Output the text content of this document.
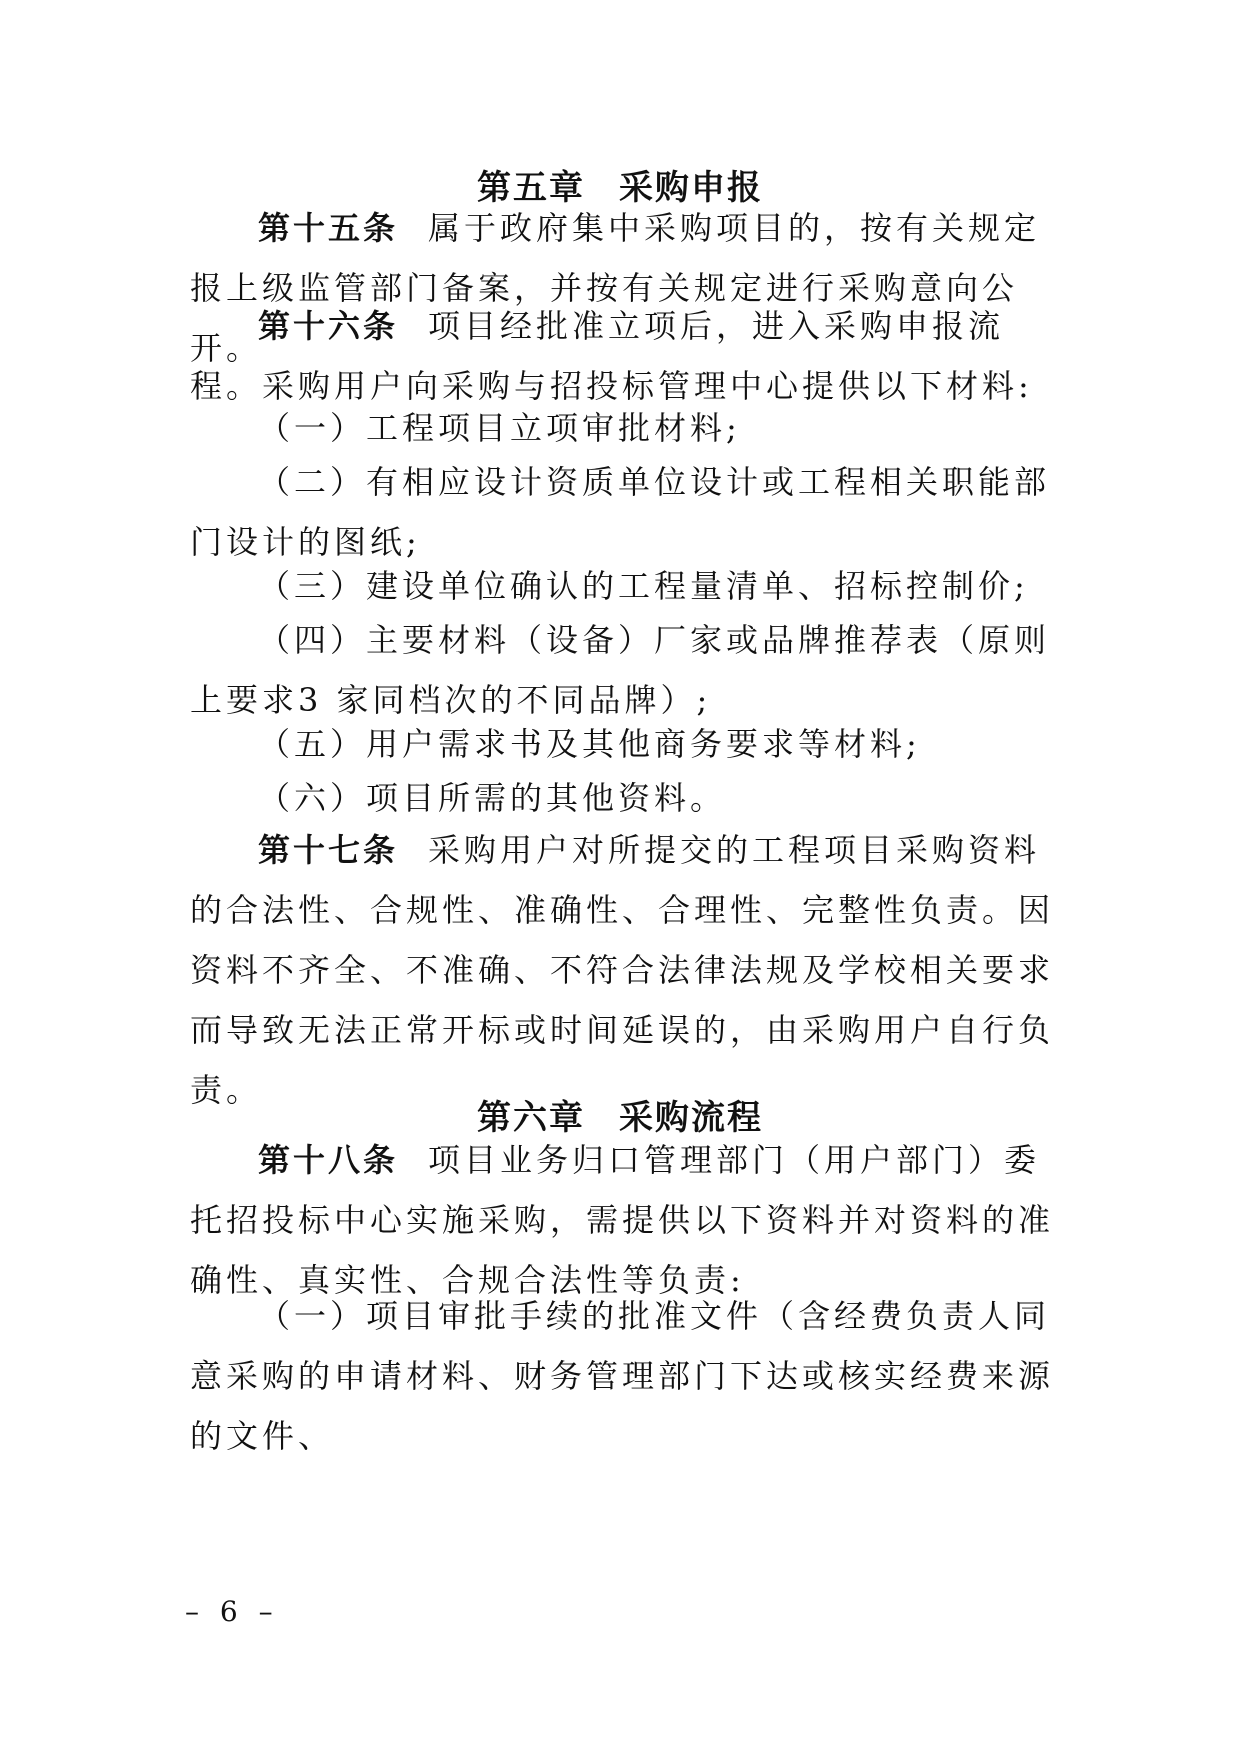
第五章 采购申报

第十五条 属于政府集中采购项目的，按有关规定报上级监管部门备案，并按有关规定进行采购意向公开。

第十六条 项目经批准立项后，进入采购申报流程。采购用户向采购与招投标管理中心提供以下材料:

（一）工程项目立项审批材料;

（二）有相应设计资质单位设计或工程相关职能部门设计的图纸;

（三）建设单位确认的工程量清单、招标控制价;

（四）主要材料（设备）厂家或品牌推荐表（原则上要求3 家同档次的不同品牌）;

（五）用户需求书及其他商务要求等材料;

（六）项目所需的其他资料。

第十七条 采购用户对所提交的工程项目采购资料的合法性、合规性、准确性、合理性、完整性负责。因资料不齐全、不准确、不符合法律法规及学校相关要求而导致无法正常开标或时间延误的，由采购用户自行负责。

第六章 采购流程

第十八条 项目业务归口管理部门（用户部门）委托招投标中心实施采购，需提供以下资料并对资料的准确性、真实性、合规合法性等负责:

（一）项目审批手续的批准文件（含经费负责人同意采购的申请材料、财务管理部门下达或核实经费来源的文件、

– 6 –
